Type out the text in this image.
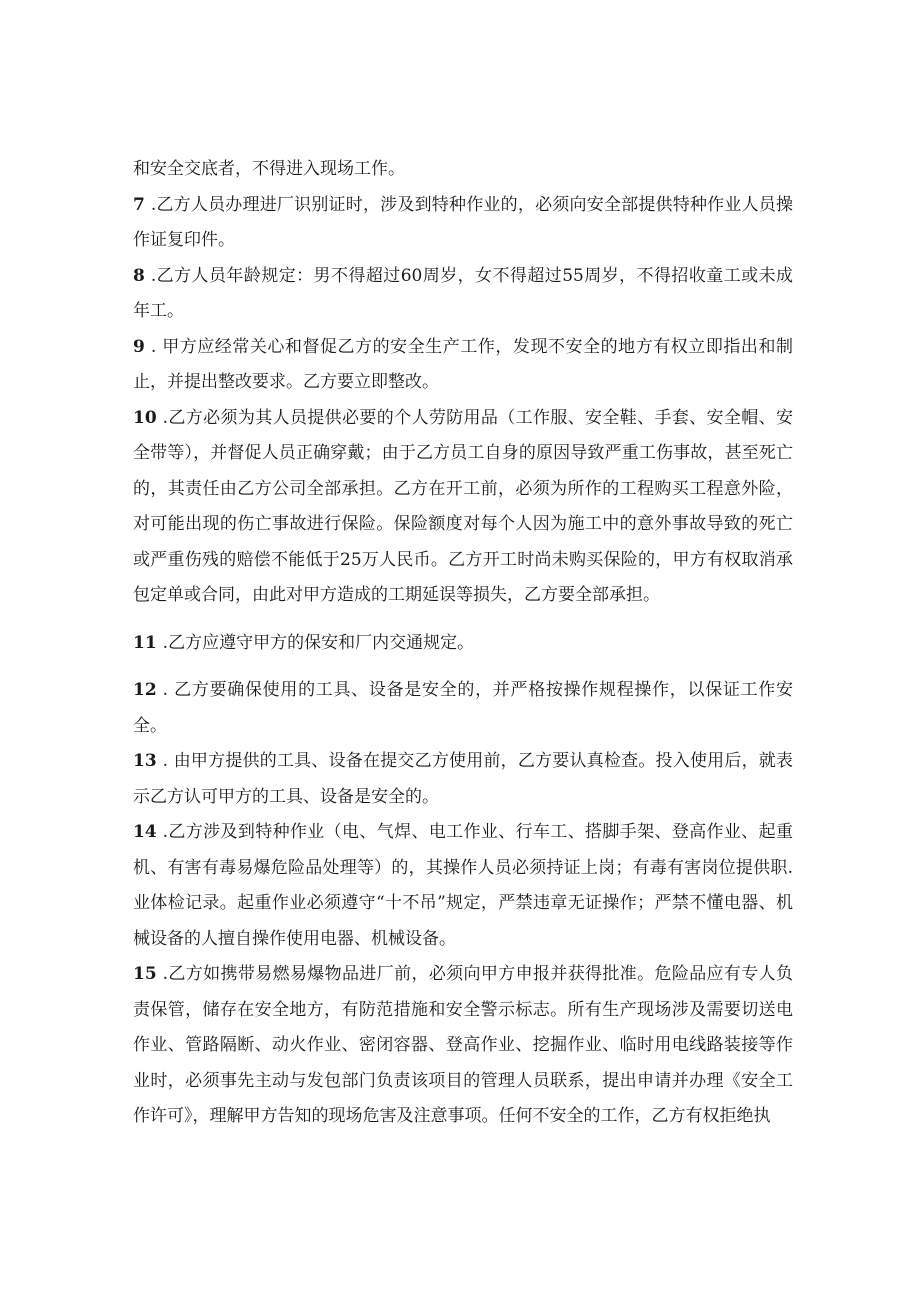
和安全交底者，不得进入现场工作。

7 .乙方人员办理进厂识别证时，涉及到特种作业的，必须向安全部提供特种作业人员操作证复印件。

8 .乙方人员年龄规定：男不得超过60周岁，女不得超过55周岁，不得招收童工或未成年工。

9 . 甲方应经常关心和督促乙方的安全生产工作，发现不安全的地方有权立即指出和制止，并提出整改要求。乙方要立即整改。

10 .乙方必须为其人员提供必要的个人劳防用品（工作服、安全鞋、手套、安全帽、安全带等），并督促人员正确穿戴；由于乙方员工自身的原因导致严重工伤事故，甚至死亡的，其责任由乙方公司全部承担。乙方在开工前，必须为所作的工程购买工程意外险，对可能出现的伤亡事故进行保险。保险额度对每个人因为施工中的意外事故导致的死亡或严重伤残的赔偿不能低于25万人民币。乙方开工时尚未购买保险的，甲方有权取消承包定单或合同，由此对甲方造成的工期延误等损失，乙方要全部承担。

11 .乙方应遵守甲方的保安和厂内交通规定。

12 . 乙方要确保使用的工具、设备是安全的，并严格按操作规程操作，以保证工作安全。

13 . 由甲方提供的工具、设备在提交乙方使用前，乙方要认真检查。投入使用后，就表示乙方认可甲方的工具、设备是安全的。

14 .乙方涉及到特种作业（电、气焊、电工作业、行车工、搭脚手架、登高作业、起重机、有害有毒易爆危险品处理等）的，其操作人员必须持证上岗；有毒有害岗位提供职. 业体检记录。起重作业必须遵守“十不吊”规定，严禁违章无证操作；严禁不懂电器、机械设备的人擅自操作使用电器、机械设备。

15 .乙方如携带易燃易爆物品进厂前，必须向甲方申报并获得批准。危险品应有专人负责保管，储存在安全地方，有防范措施和安全警示标志。所有生产现场涉及需要切送电作业、管路隔断、动火作业、密闭容器、登高作业、挖掘作业、临时用电线路装接等作业时，必须事先主动与发包部门负责该项目的管理人员联系，提出申请并办理《安全工作许可》，理解甲方告知的现场危害及注意事项。任何不安全的工作，乙方有权拒绝执
